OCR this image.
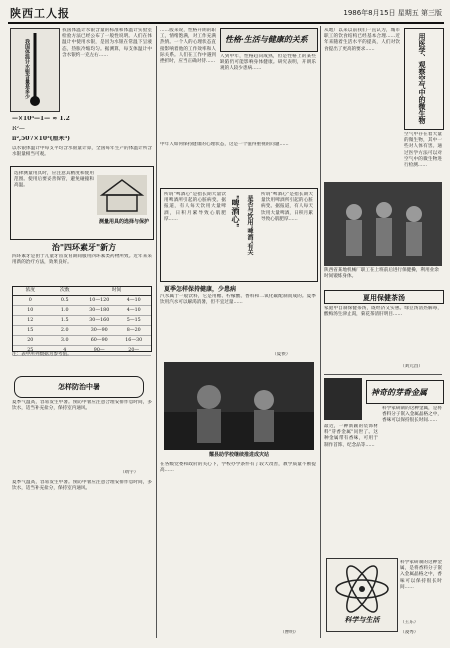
陕西工人报	1986年8月15日 星期五 第三版
我国体温计水银含量是多少
我国体温计水银含量的标准和体温计实验室检验方法已经公布了一般性说明。人们在体温计中使用水银，是因为水银在常温下呈液态，热胀冷缩均匀。据测算，每支体温计中含水银约一克左右……
—×10³—1— ≈ 1.2
R²—
π²,507×10³(厘米³)
以水银体温计中每支平均含水银量计算，全国每年生产的体温计所含水银量相当可观。
选择测量用具时，应注意其精度和使用范围。使用后要妥善保管，避免碰撞和高温。
测量用具的选择与保护
治"四环素牙"新方
四环素牙是由于儿童牙齿发育期间服用四环素类药物所致。近年来采用新的治疗方法，效果良好。
浓度	次数	时间
0	0.5	10—120	4—10
10	1.0	30—180	4—10
12	1.5	30—160	5—15
15	2.0	30—90	8—20
20	3.0	60—90	16—30
25	4	90—	20—
注：表中所列数据为参考值。
怎样防治中暑
夏季气温高，容易发生中暑。预防中暑应注意合理安排作息时间，多饮水，适当补充盐分，保持室内通风。
（靖宇）
夏季气温高，容易发生中暑。预防中暑应注意合理安排作息时间，多饮水，适当补充盐分，保持室内通风。
……般来说，性格开朗的职工，情绪饱满，对工作充满热情。一个人的心理状态直接影响着他的工作效率和人际关系。人们在工作中遇到挫折时，应当正确对待……
性格·生活与健康的关系
人到中年，性格趋向成熟，但是性格上的某些缺陷仍可能影响身体健康。研究表明，开朗乐观的人较少患病……
中年人如何保持健康的心理状态，这是一个值得重视的问题……
所谓"啤酒心"是指长期大量饮用啤酒所引起的心脏病变。据报道，有人每天饮用大量啤酒，日积月累导致心肌肥厚……	"啤酒心" 是否与饮用"啤酒"有关
所谓"啤酒心"是指长期大量饮用啤酒所引起的心脏病变。据报道，有人每天饮用大量啤酒，日积月累导致心肌肥厚……
夏季怎样保持健康，少患病
汽水属于一般饮料，它是用糖、柠檬酸、香料和二氧化碳配制而成的。夏季饮用汽水可以解渴消暑，但不宜过量……
（夏侯）
耀县助学校继续推进成灾站
在各级党委和政府的关心下，学校办学条件有了较大改善，教学质量不断提高……
（曹明）
从地广以来以前我们一直认为，城市职工的饮食结构已经基本合理……近年来随着生活水平的提高，人们对饮食提出了更高的要求……	用医学、观察空气中的微生物
空气中存在着大量的微生物，其中一些对人体有害。通过医学方法可以对空气中的微生物进行检测……
陕西省某地机械厂职工在上班前后进行保健操，利用业余时间锻炼身体。
夏用保健茶汤
家庭中自制保健茶汤，既经济又实惠。绿豆汤清热解毒，酸梅汤生津止渴，菊花茶清肝明目……
（刘元昌）
神奇的芽香金属
最近，一种新颖的装饰材料"芽香金属"问世了。这种金属带有香味，可用于制作首饰、纪念品等……
科学家研制的这种金属，是将香料分子嵌入金属晶格之中，香味可以保持很长时间……
科学与生活
科学家研制的这种金属，是将香料分子嵌入金属晶格之中，香味可以保持很长时间……
（王东）
（凌秀）
